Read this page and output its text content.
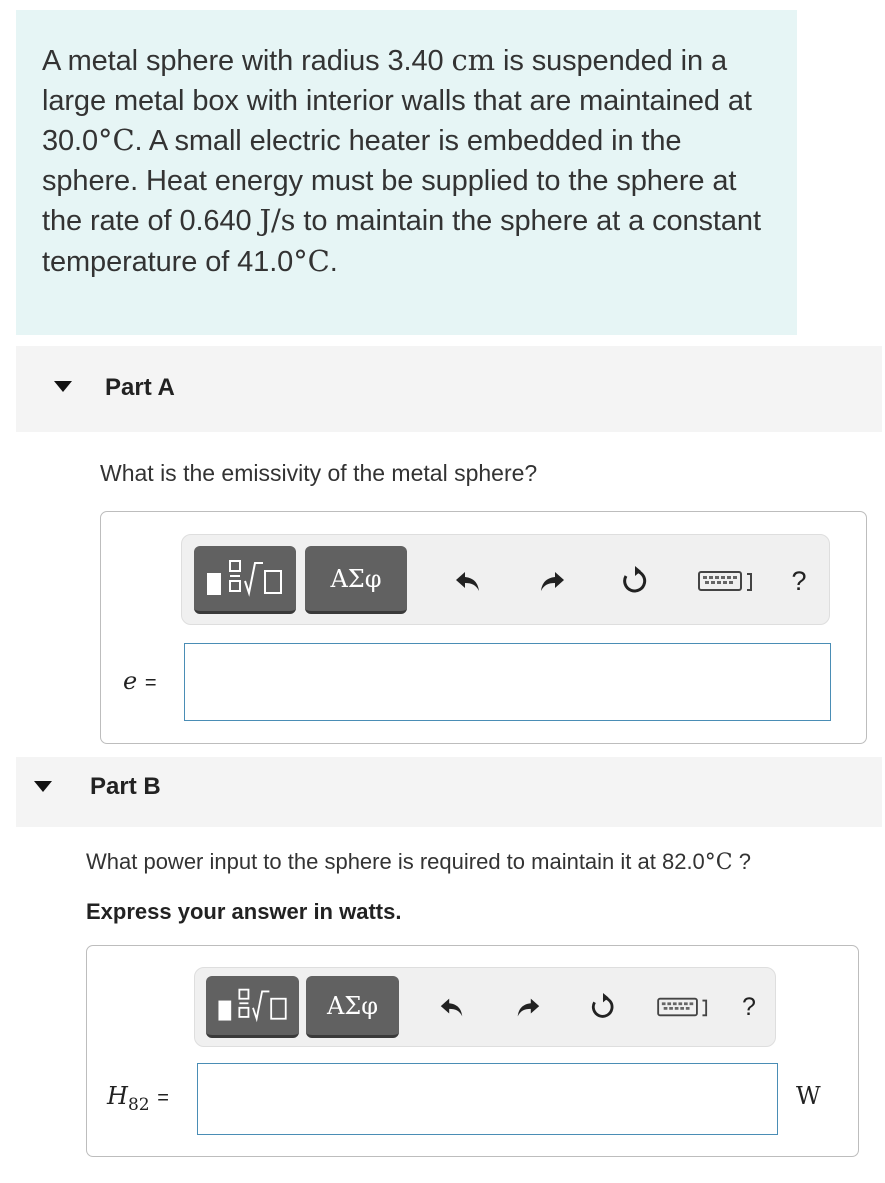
A metal sphere with radius 3.40 cm is suspended in a large metal box with interior walls that are maintained at 30.0°C. A small electric heater is embedded in the sphere. Heat energy must be supplied to the sphere at the rate of 0.640 J/s to maintain the sphere at a constant temperature of 41.0°C.

Part A
What is the emissivity of the metal sphere?
ΑΣφ	?
e =
Part B
What power input to the sphere is required to maintain it at 82.0°C ?
Express your answer in watts.
ΑΣφ	?
$H_{82}$ =	W
